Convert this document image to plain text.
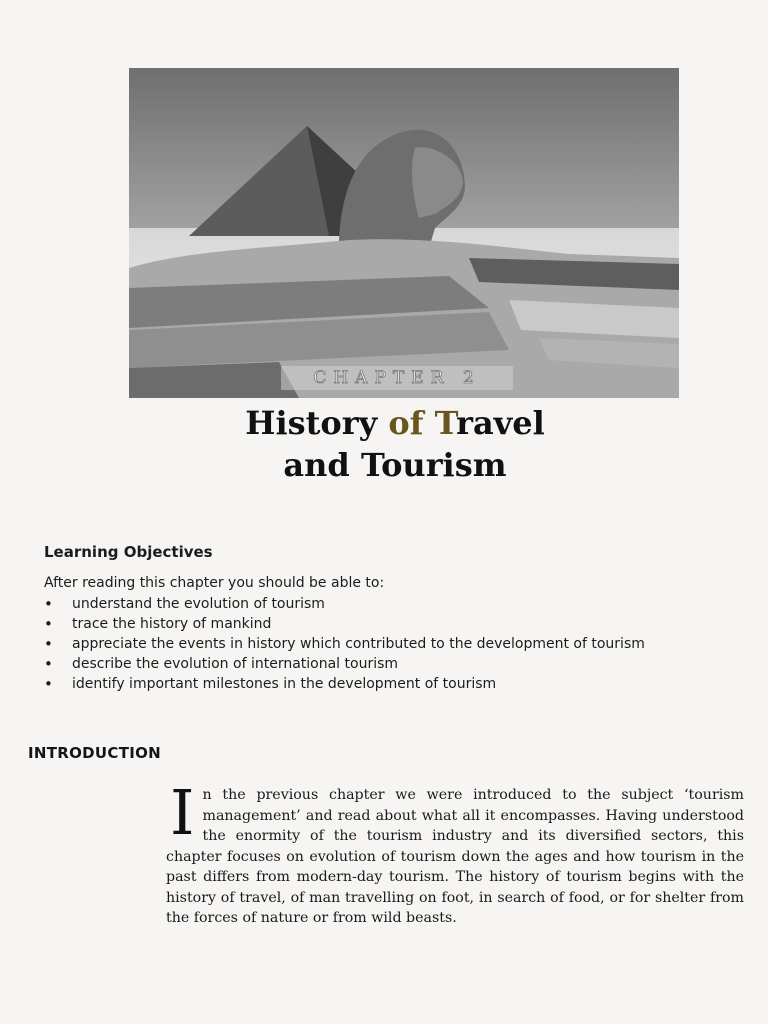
CHAPTER 2
History of Travel
and Tourism
Learning Objectives
After reading this chapter you should be able to:
• understand the evolution of tourism
• trace the history of mankind
• appreciate the events in history which contributed to the development of tourism
• describe the evolution of international tourism
• identify important milestones in the development of tourism
INTRODUCTION
In the previous chapter we were introduced to the subject ‘tourism management’ and read about what all it encompasses. Having understood the enormity of the tourism industry and its diversified sectors, this chapter focuses on evolution of tourism down the ages and how tourism in the past differs from modern-day tourism. The history of tourism begins with the history of travel, of man travelling on foot, in search of food, or for shelter from the forces of nature or from wild beasts.
